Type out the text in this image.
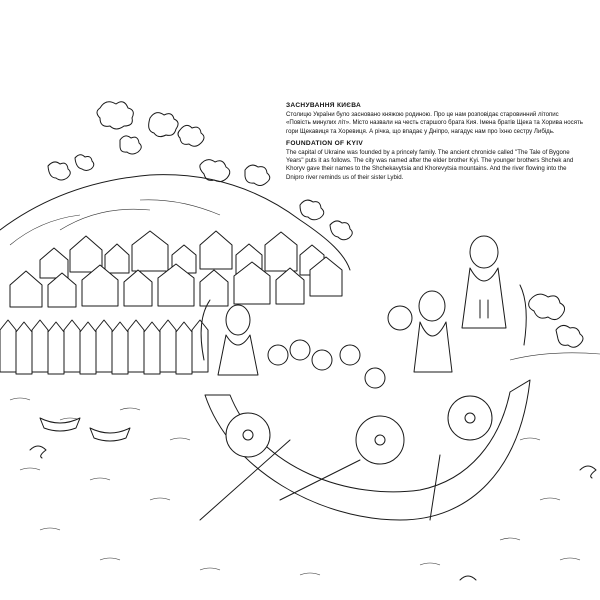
ЗАСНУВАННЯ КИЄВА
Столицю України було засновано княжою родиною. Про це нам розповідає старовинний літопис «Повість минулих літ». Місто назвали на честь старшого брата Кия. Імена братів Щека та Хорива носять гори Щекавиця та Хоревиця. А річка, що впадає у Дніпро, нагадує нам про їхню сестру Либідь.
FOUNDATION OF KYIV
The capital of Ukraine was founded by a princely family. The ancient chronicle called "The Tale of Bygone Years" puts it as follows. The city was named after the elder brother Kyi. The younger brothers Shchek and Khoryv gave their names to the Shchekavytsia and Khorevytsia mountains. And the river flowing into the Dnipro river reminds us of their sister Lybid.
